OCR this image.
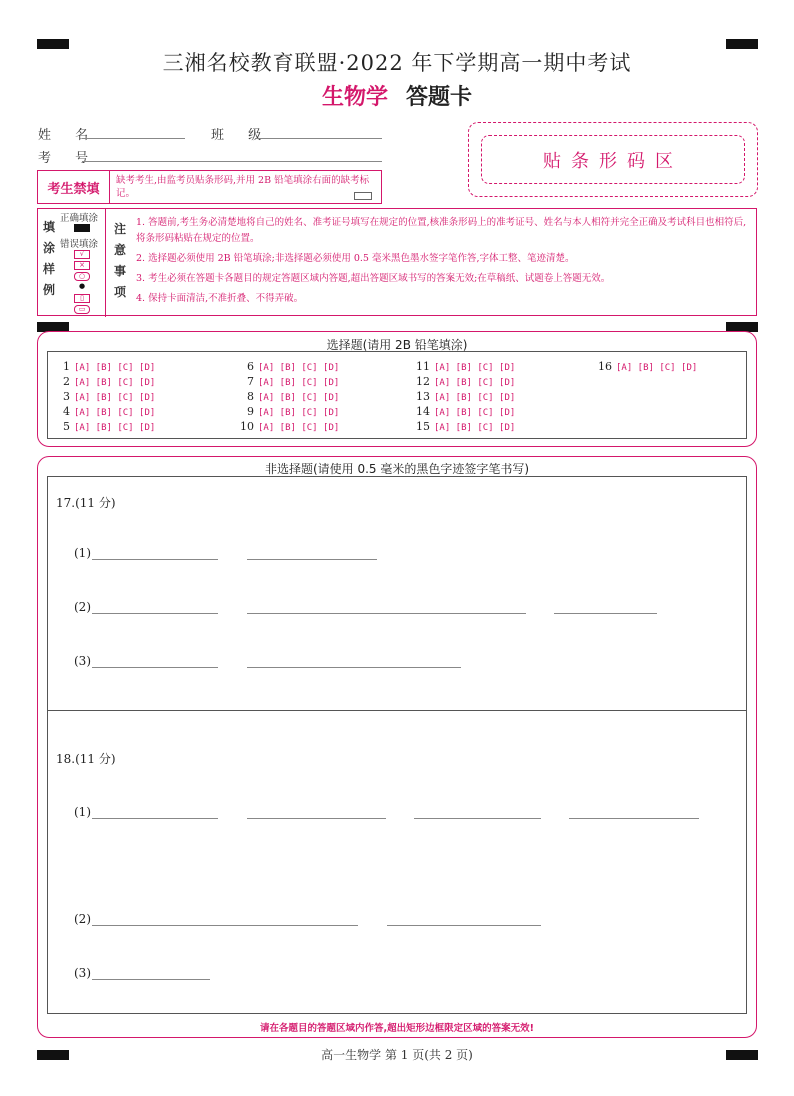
三湘名校教育联盟·2022 年下学期高一期中考试
生物学 答题卡
姓 名	班 级
考 号	贴条形码区
考生禁填
缺考考生,由监考员贴条形码,并用 2B 铅笔填涂右面的缺考标记。
填
涂
样
例
正确填涂
错误填涂
√
×
○
●
▯
▭
注
意
事
项
1. 答题前,考生务必清楚地将自己的姓名、准考证号填写在规定的位置,核准条形码上的准考证号、姓名与本人相符并完全正确及考试科目也相符后,将条形码粘贴在规定的位置。
2. 选择题必须使用 2B 铅笔填涂;非选择题必须使用 0.5 毫米黑色墨水签字笔作答,字体工整、笔迹清楚。
3. 考生必须在答题卡各题目的规定答题区域内答题,超出答题区域书写的答案无效;在草稿纸、试题卷上答题无效。
4. 保持卡面清洁,不准折叠、不得弄破。
选择题(请用 2B 铅笔填涂)
1 [A] [B] [C] [D]
2 [A] [B] [C] [D]
3 [A] [B] [C] [D]
4 [A] [B] [C] [D]
5 [A] [B] [C] [D]
6 [A] [B] [C] [D]
7 [A] [B] [C] [D]
8 [A] [B] [C] [D]
9 [A] [B] [C] [D]
10 [A] [B] [C] [D]
11 [A] [B] [C] [D]
12 [A] [B] [C] [D]
13 [A] [B] [C] [D]
14 [A] [B] [C] [D]
15 [A] [B] [C] [D]
16 [A] [B] [C] [D]
非选择题(请使用 0.5 毫米的黑色字迹签字笔书写)
17.(11 分)
(1)
(2)
(3)
18.(11 分)
(1)
(2)
(3)
请在各题目的答题区域内作答,超出矩形边框限定区域的答案无效!
高一生物学 第 1 页(共 2 页)
